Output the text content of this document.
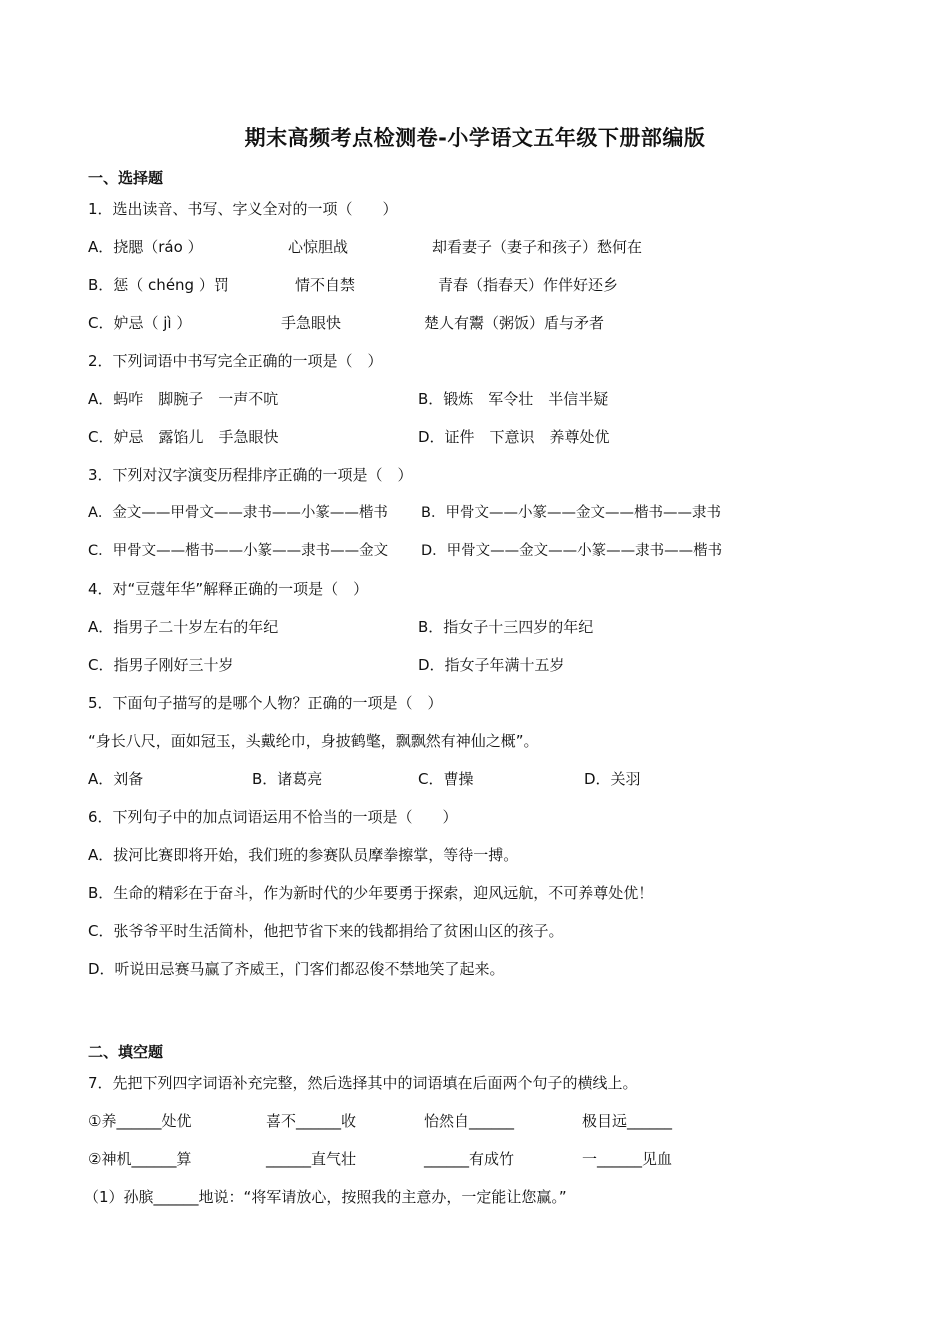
期末高频考点检测卷-小学语文五年级下册部编版
一、选择题
1．选出读音、书写、字义全对的一项（　　）
A．挠腮（ráo ）	心惊胆战	却看妻子（妻子和孩子）愁何在
B．惩（ chéng ）罚	情不自禁	青春（指春天）作伴好还乡
C．妒忌（ jì ）	手急眼快	楚人有鬻（粥饭）盾与矛者
2．下列词语中书写完全正确的一项是（　）
A．蚂咋　脚腕子　一声不吭	B．锻炼　军令壮　半信半疑
C．妒忌　露馅儿　手急眼快	D．证件　下意识　养尊处优
3．下列对汉字演变历程排序正确的一项是（　）
A．金文——甲骨文——隶书——小篆——楷书 B．甲骨文——小篆——金文——楷书——隶书
C．甲骨文——楷书——小篆——隶书——金文 D．甲骨文——金文——小篆——隶书——楷书
4．对“豆蔻年华”解释正确的一项是（　）
A．指男子二十岁左右的年纪	B．指女子十三四岁的年纪
C．指男子刚好三十岁	D．指女子年满十五岁
5．下面句子描写的是哪个人物？正确的一项是（　）
“身长八尺，面如冠玉，头戴纶巾，身披鹤氅，飘飘然有神仙之概”。
A．刘备	B．诸葛亮	C．曹操	D．关羽
6．下列句子中的加点词语运用不恰当的一项是（　　）
A．拔河比赛即将开始，我们班的参赛队员摩拳擦掌，等待一搏。
B．生命的精彩在于奋斗，作为新时代的少年要勇于探索，迎风远航，不可养尊处优！
C．张爷爷平时生活简朴，他把节省下来的钱都捐给了贫困山区的孩子。
D．听说田忌赛马赢了齐威王，门客们都忍俊不禁地笑了起来。
二、填空题
7．先把下列四字词语补充完整，然后选择其中的词语填在后面两个句子的横线上。
①养______处优	喜不______收	怡然自______	极目远______
②神机______算	______直气壮	______有成竹	一______见血
（1）孙膑______地说：“将军请放心，按照我的主意办，一定能让您赢。”
